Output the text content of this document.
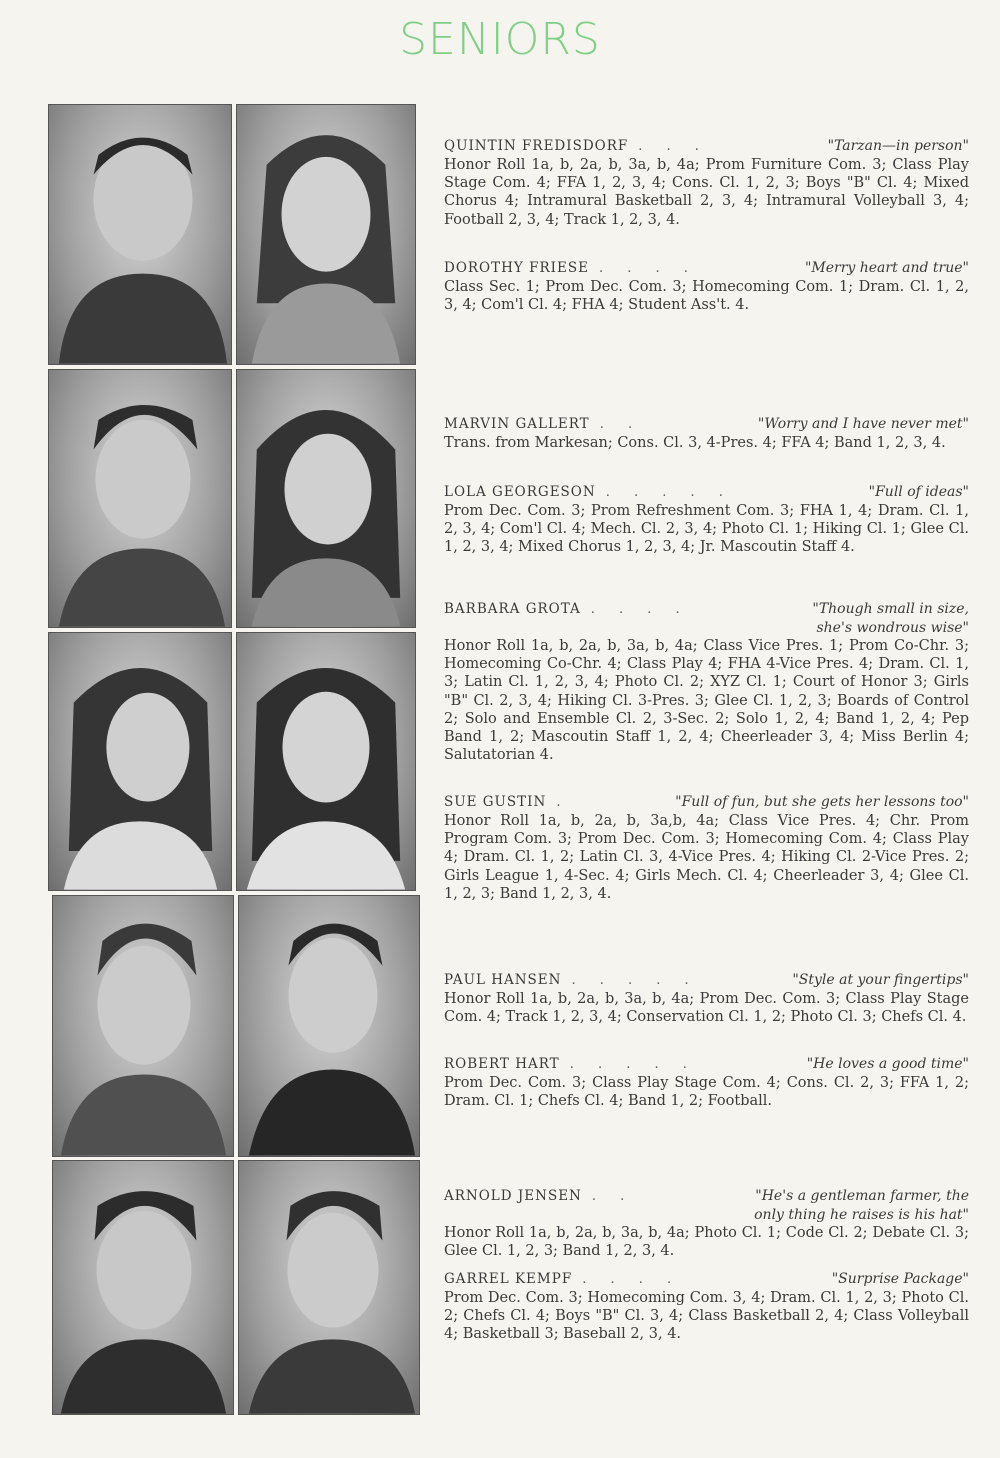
SENIORS
QUINTIN FREDISDORF . . .	"Tarzan—in person"
Honor Roll 1a, b, 2a, b, 3a, b, 4a; Prom Furniture Com. 3; Class Play Stage Com. 4; FFA 1, 2, 3, 4; Cons. Cl. 1, 2, 3; Boys "B" Cl. 4; Mixed Chorus 4; Intramural Basketball 2, 3, 4; Intramural Volleyball 3, 4; Football 2, 3, 4; Track 1, 2, 3, 4.
DOROTHY FRIESE . . . .	"Merry heart and true"
Class Sec. 1; Prom Dec. Com. 3; Homecoming Com. 1; Dram. Cl. 1, 2, 3, 4; Com'l Cl. 4; FHA 4; Student Ass't. 4.
MARVIN GALLERT . .	"Worry and I have never met"
Trans. from Markesan; Cons. Cl. 3, 4-Pres. 4; FFA 4; Band 1, 2, 3, 4.
LOLA GEORGESON . . . . .	"Full of ideas"
Prom Dec. Com. 3; Prom Refreshment Com. 3; FHA 1, 4; Dram. Cl. 1, 2, 3, 4; Com'l Cl. 4; Mech. Cl. 2, 3, 4; Photo Cl. 1; Hiking Cl. 1; Glee Cl. 1, 2, 3, 4; Mixed Chorus 1, 2, 3, 4; Jr. Mascoutin Staff 4.
BARBARA GROTA . . . .	"Though small in size,
she's wondrous wise"
Honor Roll 1a, b, 2a, b, 3a, b, 4a; Class Vice Pres. 1; Prom Co-Chr. 3; Homecoming Co-Chr. 4; Class Play 4; FHA 4-Vice Pres. 4; Dram. Cl. 1, 3; Latin Cl. 1, 2, 3, 4; Photo Cl. 2; XYZ Cl. 1; Court of Honor 3; Girls "B" Cl. 2, 3, 4; Hiking Cl. 3-Pres. 3; Glee Cl. 1, 2, 3; Boards of Control 2; Solo and Ensemble Cl. 2, 3-Sec. 2; Solo 1, 2, 4; Band 1, 2, 4; Pep Band 1, 2; Mascoutin Staff 1, 2, 4; Cheerleader 3, 4; Miss Berlin 4; Salutatorian 4.
SUE GUSTIN .	"Full of fun, but she gets her lessons too"
Honor Roll 1a, b, 2a, b, 3a,b, 4a; Class Vice Pres. 4; Chr. Prom Program Com. 3; Prom Dec. Com. 3; Homecoming Com. 4; Class Play 4; Dram. Cl. 1, 2; Latin Cl. 3, 4-Vice Pres. 4; Hiking Cl. 2-Vice Pres. 2; Girls League 1, 4-Sec. 4; Girls Mech. Cl. 4; Cheerleader 3, 4; Glee Cl. 1, 2, 3; Band 1, 2, 3, 4.
PAUL HANSEN . . . . .	"Style at your fingertips"
Honor Roll 1a, b, 2a, b, 3a, b, 4a; Prom Dec. Com. 3; Class Play Stage Com. 4; Track 1, 2, 3, 4; Conservation Cl. 1, 2; Photo Cl. 3; Chefs Cl. 4.
ROBERT HART . . . . .	"He loves a good time"
Prom Dec. Com. 3; Class Play Stage Com. 4; Cons. Cl. 2, 3; FFA 1, 2; Dram. Cl. 1; Chefs Cl. 4; Band 1, 2; Football.
ARNOLD JENSEN . .	"He's a gentleman farmer, the
only thing he raises is his hat"
Honor Roll 1a, b, 2a, b, 3a, b, 4a; Photo Cl. 1; Code Cl. 2; Debate Cl. 3; Glee Cl. 1, 2, 3; Band 1, 2, 3, 4.
GARREL KEMPF . . . .	"Surprise Package"
Prom Dec. Com. 3; Homecoming Com. 3, 4; Dram. Cl. 1, 2, 3; Photo Cl. 2; Chefs Cl. 4; Boys "B" Cl. 3, 4; Class Basketball 2, 4; Class Volleyball 4; Basketball 3; Baseball 2, 3, 4.
